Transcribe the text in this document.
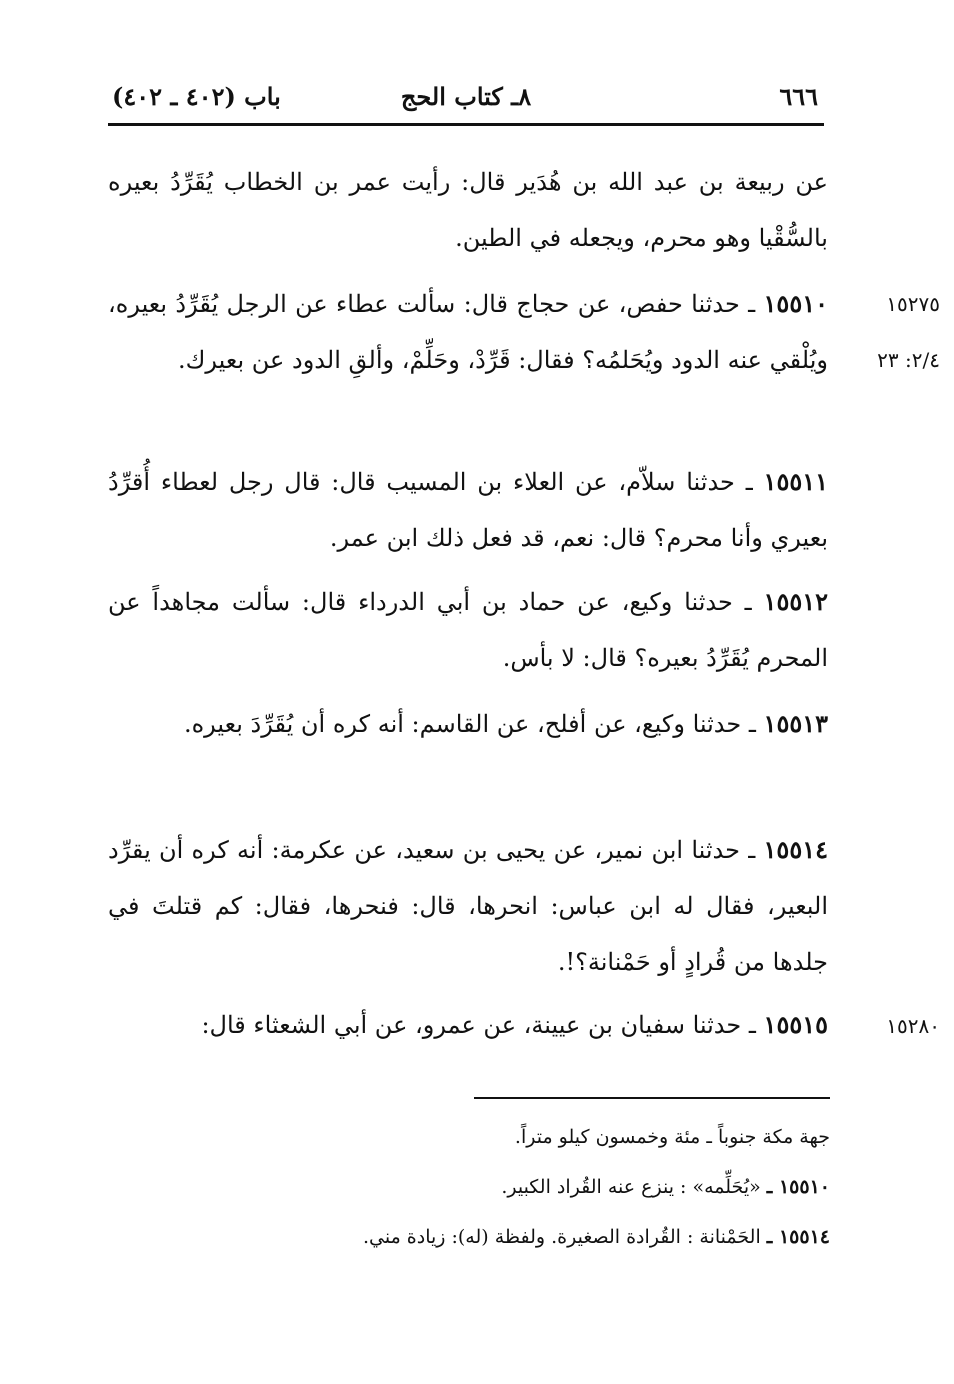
٦٦٦
٨ـ كتاب الحج
باب (٤٠٢ ـ ٤٠٢)
عن ربيعة بن عبد الله بن هُدَير قال: رأيت عمر بن الخطاب يُقَرِّدُ بعيره بالسُّقْيا وهو محرم، ويجعله في الطين.
١٥٥١٠ ـ حدثنا حفص، عن حجاج قال: سألت عطاء عن الرجل يُقَرِّدُ بعيره، ويُلْقي عنه الدود ويُحَلمُه؟ فقال: قَرِّدْ، وحَلِّمْ، وألقِ الدود عن بعيرك.
١٥٥١١ ـ حدثنا سلاّم، عن العلاء بن المسيب قال: قال رجل لعطاء أُقرِّدُ بعيري وأنا محرم؟ قال: نعم، قد فعل ذلك ابن عمر.
١٥٥١٢ ـ حدثنا وكيع، عن حماد بن أبي الدرداء قال: سألت مجاهداً عن المحرم يُقَرِّدُ بعيره؟ قال: لا بأس.
١٥٥١٣ ـ حدثنا وكيع، عن أفلح، عن القاسم: أنه كره أن يُقَرِّدَ بعيره.
١٥٥١٤ ـ حدثنا ابن نمير، عن يحيى بن سعيد، عن عكرمة: أنه كره أن يقرِّد البعير، فقال له ابن عباس: انحرها، قال: فنحرها، فقال: كم قتلتَ في جلدها من قُرادٍ أو حَمْنانة؟!.
١٥٥١٥ ـ حدثنا سفيان بن عيينة، عن عمرو، عن أبي الشعثاء قال:
١٥٢٧٥
٢/٤: ٢٣
١٥٢٨٠
جهة مكة جنوباً ـ مئة وخمسون كيلو متراً.
١٥٥١٠ ـ «يُحَلِّمه» : ينزع عنه القُراد الكبير.
١٥٥١٤ ـ الحَمْنانة : القُرادة الصغيرة. ولفظة (له): زيادة مني.
